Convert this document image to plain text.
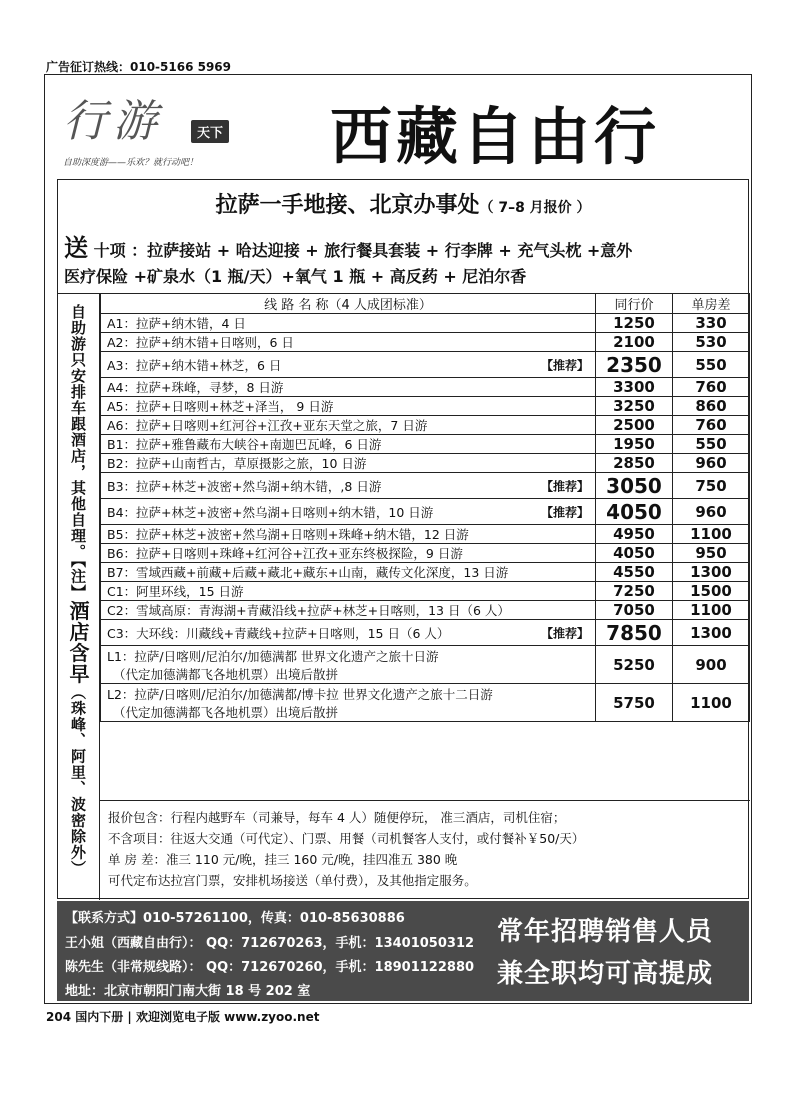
广告征订热线：010-5166 5969
行游	天下
自助深度游——乐欢？就行动吧！ 西藏自由行
拉萨一手地接、北京办事处（ 7–8 月报价 ）
送 十项 ：拉萨接站 + 哈达迎接 + 旅行餐具套装 + 行李牌 + 充气头枕 +意外
医疗保险 +矿泉水（1 瓶/天）+氧气 1 瓶 + 高反药 + 尼泊尔香
自助游只安排车跟酒店，其他自理。【注】酒店含早（珠峰、阿里、波密除外）
线 路 名 称（4 人成团标准）	同行价	单房差

A1：拉萨+纳木错，4 日	1250	330

A2：拉萨+纳木错+日喀则，6 日	2100	530

A3：拉萨+纳木错+林芝，6 日 【推荐】	2350	550

A4：拉萨+珠峰，寻梦，8 日游	3300	760

A5：拉萨+日喀则+林芝+泽当， 9 日游	3250	860

A6：拉萨+日喀则+红河谷+江孜+亚东天堂之旅，7 日游	2500	760

B1：拉萨+雅鲁藏布大峡谷+南迦巴瓦峰，6 日游	1950	550

B2：拉萨+山南哲古，草原摄影之旅，10 日游	2850	960

B3：拉萨+林芝+波密+然乌湖+纳木错，,8 日游 【推荐】	3050	750

B4：拉萨+林芝+波密+然乌湖+日喀则+纳木错，10 日游 【推荐】	4050	960

B5：拉萨+林芝+波密+然乌湖+日喀则+珠峰+纳木错，12 日游	4950	1100

B6：拉萨+日喀则+珠峰+红河谷+江孜+亚东终极探险，9 日游	4050	950

B7：雪域西藏+前藏+后藏+藏北+藏东+山南，藏传文化深度，13 日游	4550	1300

C1：阿里环线，15 日游	7250	1500

C2：雪域高原：青海湖+青藏沿线+拉萨+林芝+日喀则，13 日（6 人）	7050	1100

C3：大环线：川藏线+青藏线+拉萨+日喀则，15 日（6 人） 【推荐】	7850	1300

L1：拉萨/日喀则/尼泊尔/加德满都 世界文化遗产之旅十日游
（代定加德满都飞各地机票）出境后散拼	5250	900

L2：拉萨/日喀则/尼泊尔/加德满都/博卡拉 世界文化遗产之旅十二日游
（代定加德满都飞各地机票）出境后散拼	5750	1100
报价包含：行程内越野车（司兼导，每车 4 人）随便停玩， 准三酒店，司机住宿；
不含项目：往返大交通（可代定）、门票、用餐（司机餐客人支付，或付餐补￥50/天）
单 房 差：准三 110 元/晚，挂三 160 元/晚，挂四准五 380 晚
可代定布达拉宫门票，安排机场接送（单付费），及其他指定服务。
【联系方式】010-57261100，传真：010-85630886
王小姐（西藏自由行）： QQ：712670263，手机：13401050312
陈先生（非常规线路）： QQ：712670260，手机：18901122880
地址：北京市朝阳门南大街 18 号 202 室
常年招聘销售人员
兼全职均可高提成
204 国内下册 | 欢迎浏览电子版 www.zyoo.net
